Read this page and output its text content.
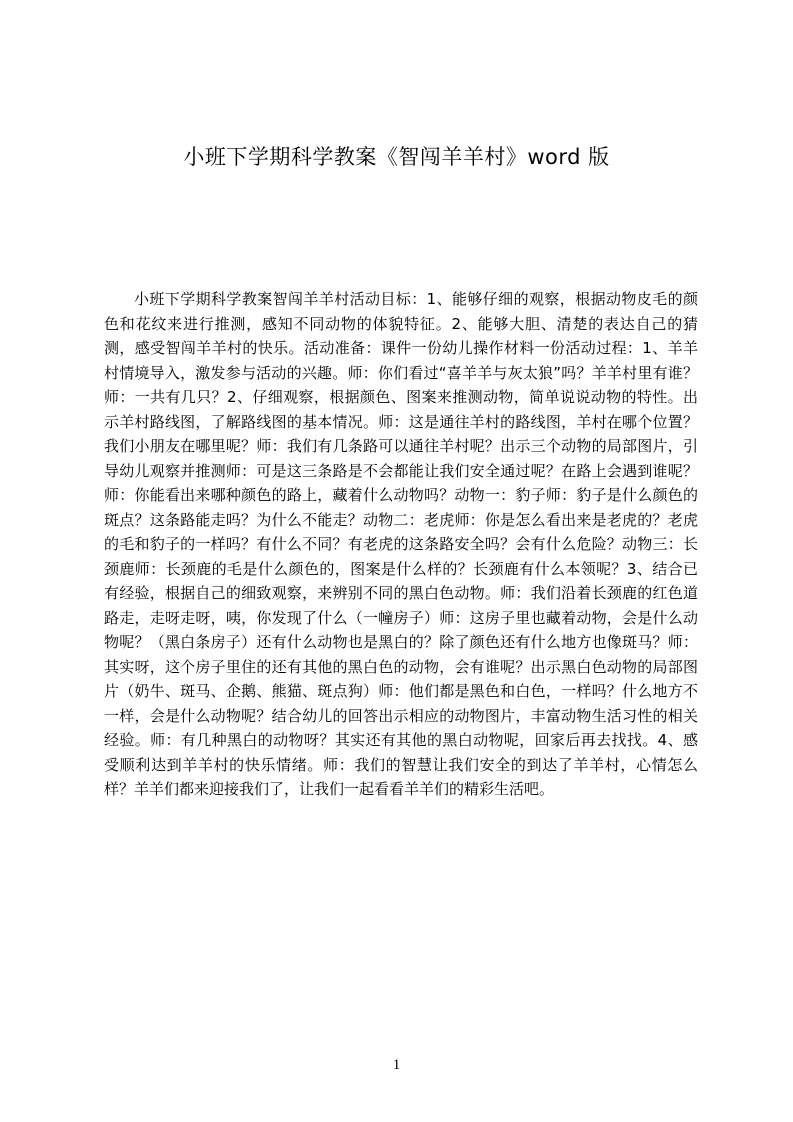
小班下学期科学教案《智闯羊羊村》word 版

小班下学期科学教案智闯羊羊村活动目标：1、能够仔细的观察，根据动物皮毛的颜色和花纹来进行推测，感知不同动物的体貌特征。2、能够大胆、清楚的表达自己的猜测，感受智闯羊羊村的快乐。活动准备：课件一份幼儿操作材料一份活动过程：1、羊羊村情境导入，激发参与活动的兴趣。师：你们看过“喜羊羊与灰太狼”吗？羊羊村里有谁？师：一共有几只？2、仔细观察，根据颜色、图案来推测动物，简单说说动物的特性。出示羊村路线图，了解路线图的基本情况。师：这是通往羊村的路线图，羊村在哪个位置？我们小朋友在哪里呢？师：我们有几条路可以通往羊村呢？出示三个动物的局部图片，引导幼儿观察并推测师：可是这三条路是不会都能让我们安全通过呢？在路上会遇到谁呢？师：你能看出来哪种颜色的路上，藏着什么动物吗？动物一：豹子师：豹子是什么颜色的斑点？这条路能走吗？为什么不能走？动物二：老虎师：你是怎么看出来是老虎的？老虎的毛和豹子的一样吗？有什么不同？有老虎的这条路安全吗？会有什么危险？动物三：长颈鹿师：长颈鹿的毛是什么颜色的，图案是什么样的？长颈鹿有什么本领呢？3、结合已有经验，根据自己的细致观察，来辨别不同的黑白色动物。师：我们沿着长颈鹿的红色道路走，走呀走呀，咦，你发现了什么（一幢房子）师：这房子里也藏着动物，会是什么动物呢？（黑白条房子）还有什么动物也是黑白的？除了颜色还有什么地方也像斑马？师：其实呀，这个房子里住的还有其他的黑白色的动物，会有谁呢？出示黑白色动物的局部图片（奶牛、斑马、企鹅、熊猫、斑点狗）师：他们都是黑色和白色，一样吗？什么地方不一样，会是什么动物呢？结合幼儿的回答出示相应的动物图片，丰富动物生活习性的相关经验。师：有几种黑白的动物呀？其实还有其他的黑白动物呢，回家后再去找找。4、感受顺利达到羊羊村的快乐情绪。师：我们的智慧让我们安全的到达了羊羊村，心情怎么样？羊羊们都来迎接我们了，让我们一起看看羊羊们的精彩生活吧。

1
